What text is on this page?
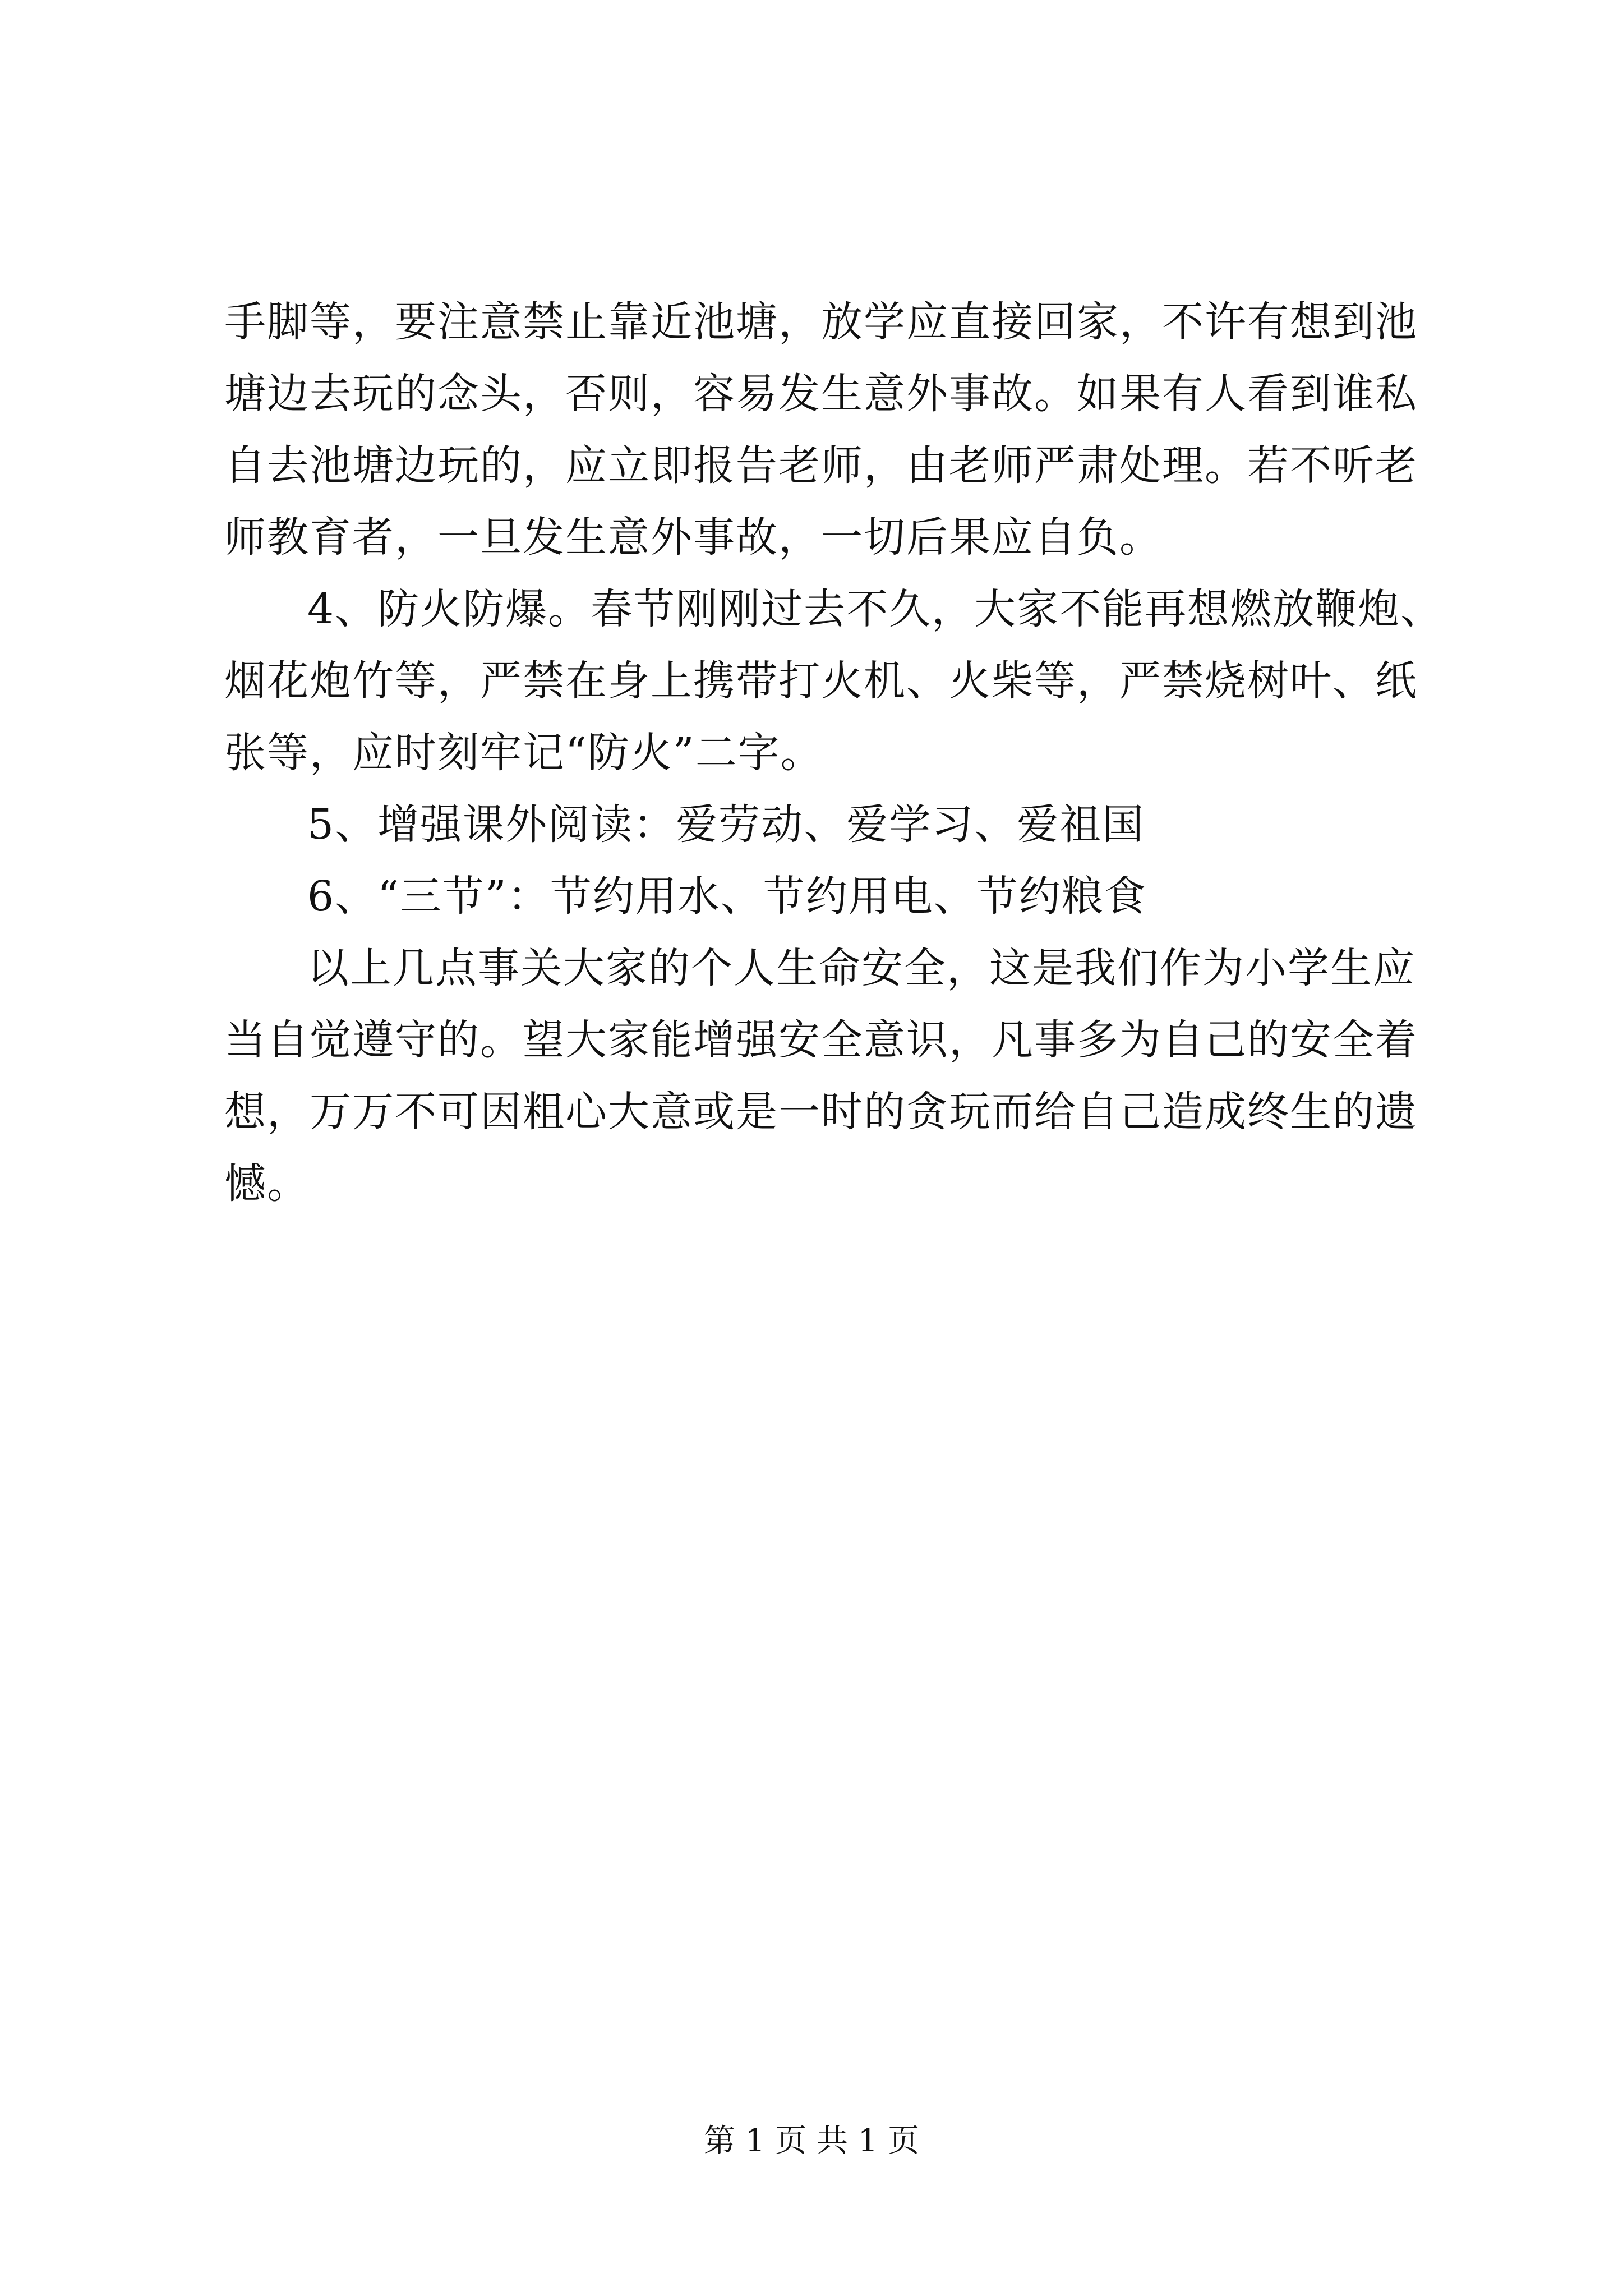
手脚等，要注意禁止靠近池塘，放学应直接回家，不许有想到池
塘边去玩的念头，否则，容易发生意外事故。如果有人看到谁私
自去池塘边玩的，应立即报告老师，由老师严肃处理。若不听老
师教育者，一旦发生意外事故，一切后果应自负。
4、防火防爆。春节刚刚过去不久，大家不能再想燃放鞭炮、
烟花炮竹等，严禁在身上携带打火机、火柴等，严禁烧树叶、纸
张等，应时刻牢记“防火”二字。
5、增强课外阅读：爱劳动、爱学习、爱祖国
6、“三节”：节约用水、节约用电、节约粮食
以上几点事关大家的个人生命安全，这是我们作为小学生应
当自觉遵守的。望大家能增强安全意识，凡事多为自己的安全着
想，万万不可因粗心大意或是一时的贪玩而给自己造成终生的遗
憾。
第 1 页 共 1 页
